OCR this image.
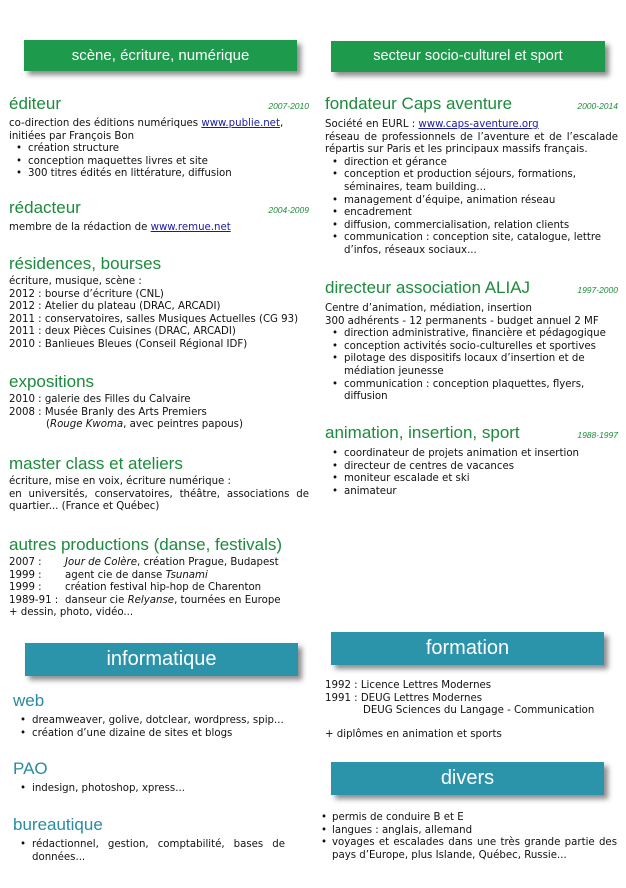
scène, écriture, numérique
éditeur	2007-2010

co-direction des éditions numériques www.publie.net,

initiées par François Bon

• création structure
• conception maquettes livres et site
• 300 titres édités en littérature, diffusion
rédacteur	2004-2009

membre de la rédaction de www.remue.net

résidences, bourses

écriture, musique, scène :

2012 : bourse d’écriture (CNL)

2012 : Atelier du plateau (DRAC, ARCADI)

2011 : conservatoires, salles Musiques Actuelles (CG 93)

2011 : deux Pièces Cuisines (DRAC, ARCADI)

2010 : Banlieues Bleues (Conseil Régional IDF)

expositions

2010 : galerie des Filles du Calvaire

2008 : Musée Branly des Arts Premiers

(Rouge Kwoma, avec peintres papous)

master class et ateliers

écriture, mise en voix, écriture numérique :

en universités, conservatoires, théâtre, associations de quartier... (France et Québec)

autres productions (danse, festivals)
2007 : Jour de Colère, création Prague, Budapest
1999 : agent cie de danse Tsunami
1999 : création festival hip-hop de Charenton
1989-91 : danseur cie Relyanse, tournées en Europe

+ dessin, photo, vidéo...

informatique
web
• dreamweaver, golive, dotclear, wordpress, spip...
• création d’une dizaine de sites et blogs
PAO
• indesign, photoshop, xpress...
bureautique
• rédactionnel, gestion, comptabilité, bases de données...
secteur socio-culturel et sport
fondateur Caps aventure	2000-2014

Société en EURL : www.caps-aventure.org

réseau de professionnels de l’aventure et de l’escalade répartis sur Paris et les principaux massifs français.

• direction et gérance
• conception et production séjours, formations, séminaires, team building...
• management d’équipe, animation réseau
• encadrement
• diffusion, commercialisation, relation clients
• communication : conception site, catalogue, lettre d’infos, réseaux sociaux...
directeur association ALIAJ	1997-2000

Centre d’animation, médiation, insertion

300 adhérents - 12 permanents - budget annuel 2 MF

• direction administrative, financière et pédagogique
• conception activités socio-culturelles et sportives
• pilotage des dispositifs locaux d’insertion et de médiation jeunesse
• communication : conception plaquettes, flyers, diffusion
animation, insertion, sport	1988-1997
• coordinateur de projets animation et insertion
• directeur de centres de vacances
• moniteur escalade et ski
• animateur

1992 : Licence Lettres Modernes

1991 : DEUG Lettres Modernes

DEUG Sciences du Langage - Communication

+ diplômes en animation et sports

• permis de conduire B et E
• langues : anglais, allemand
• voyages et escalades dans une très grande partie des pays d’Europe, plus Islande, Québec, Russie...
formation
divers
